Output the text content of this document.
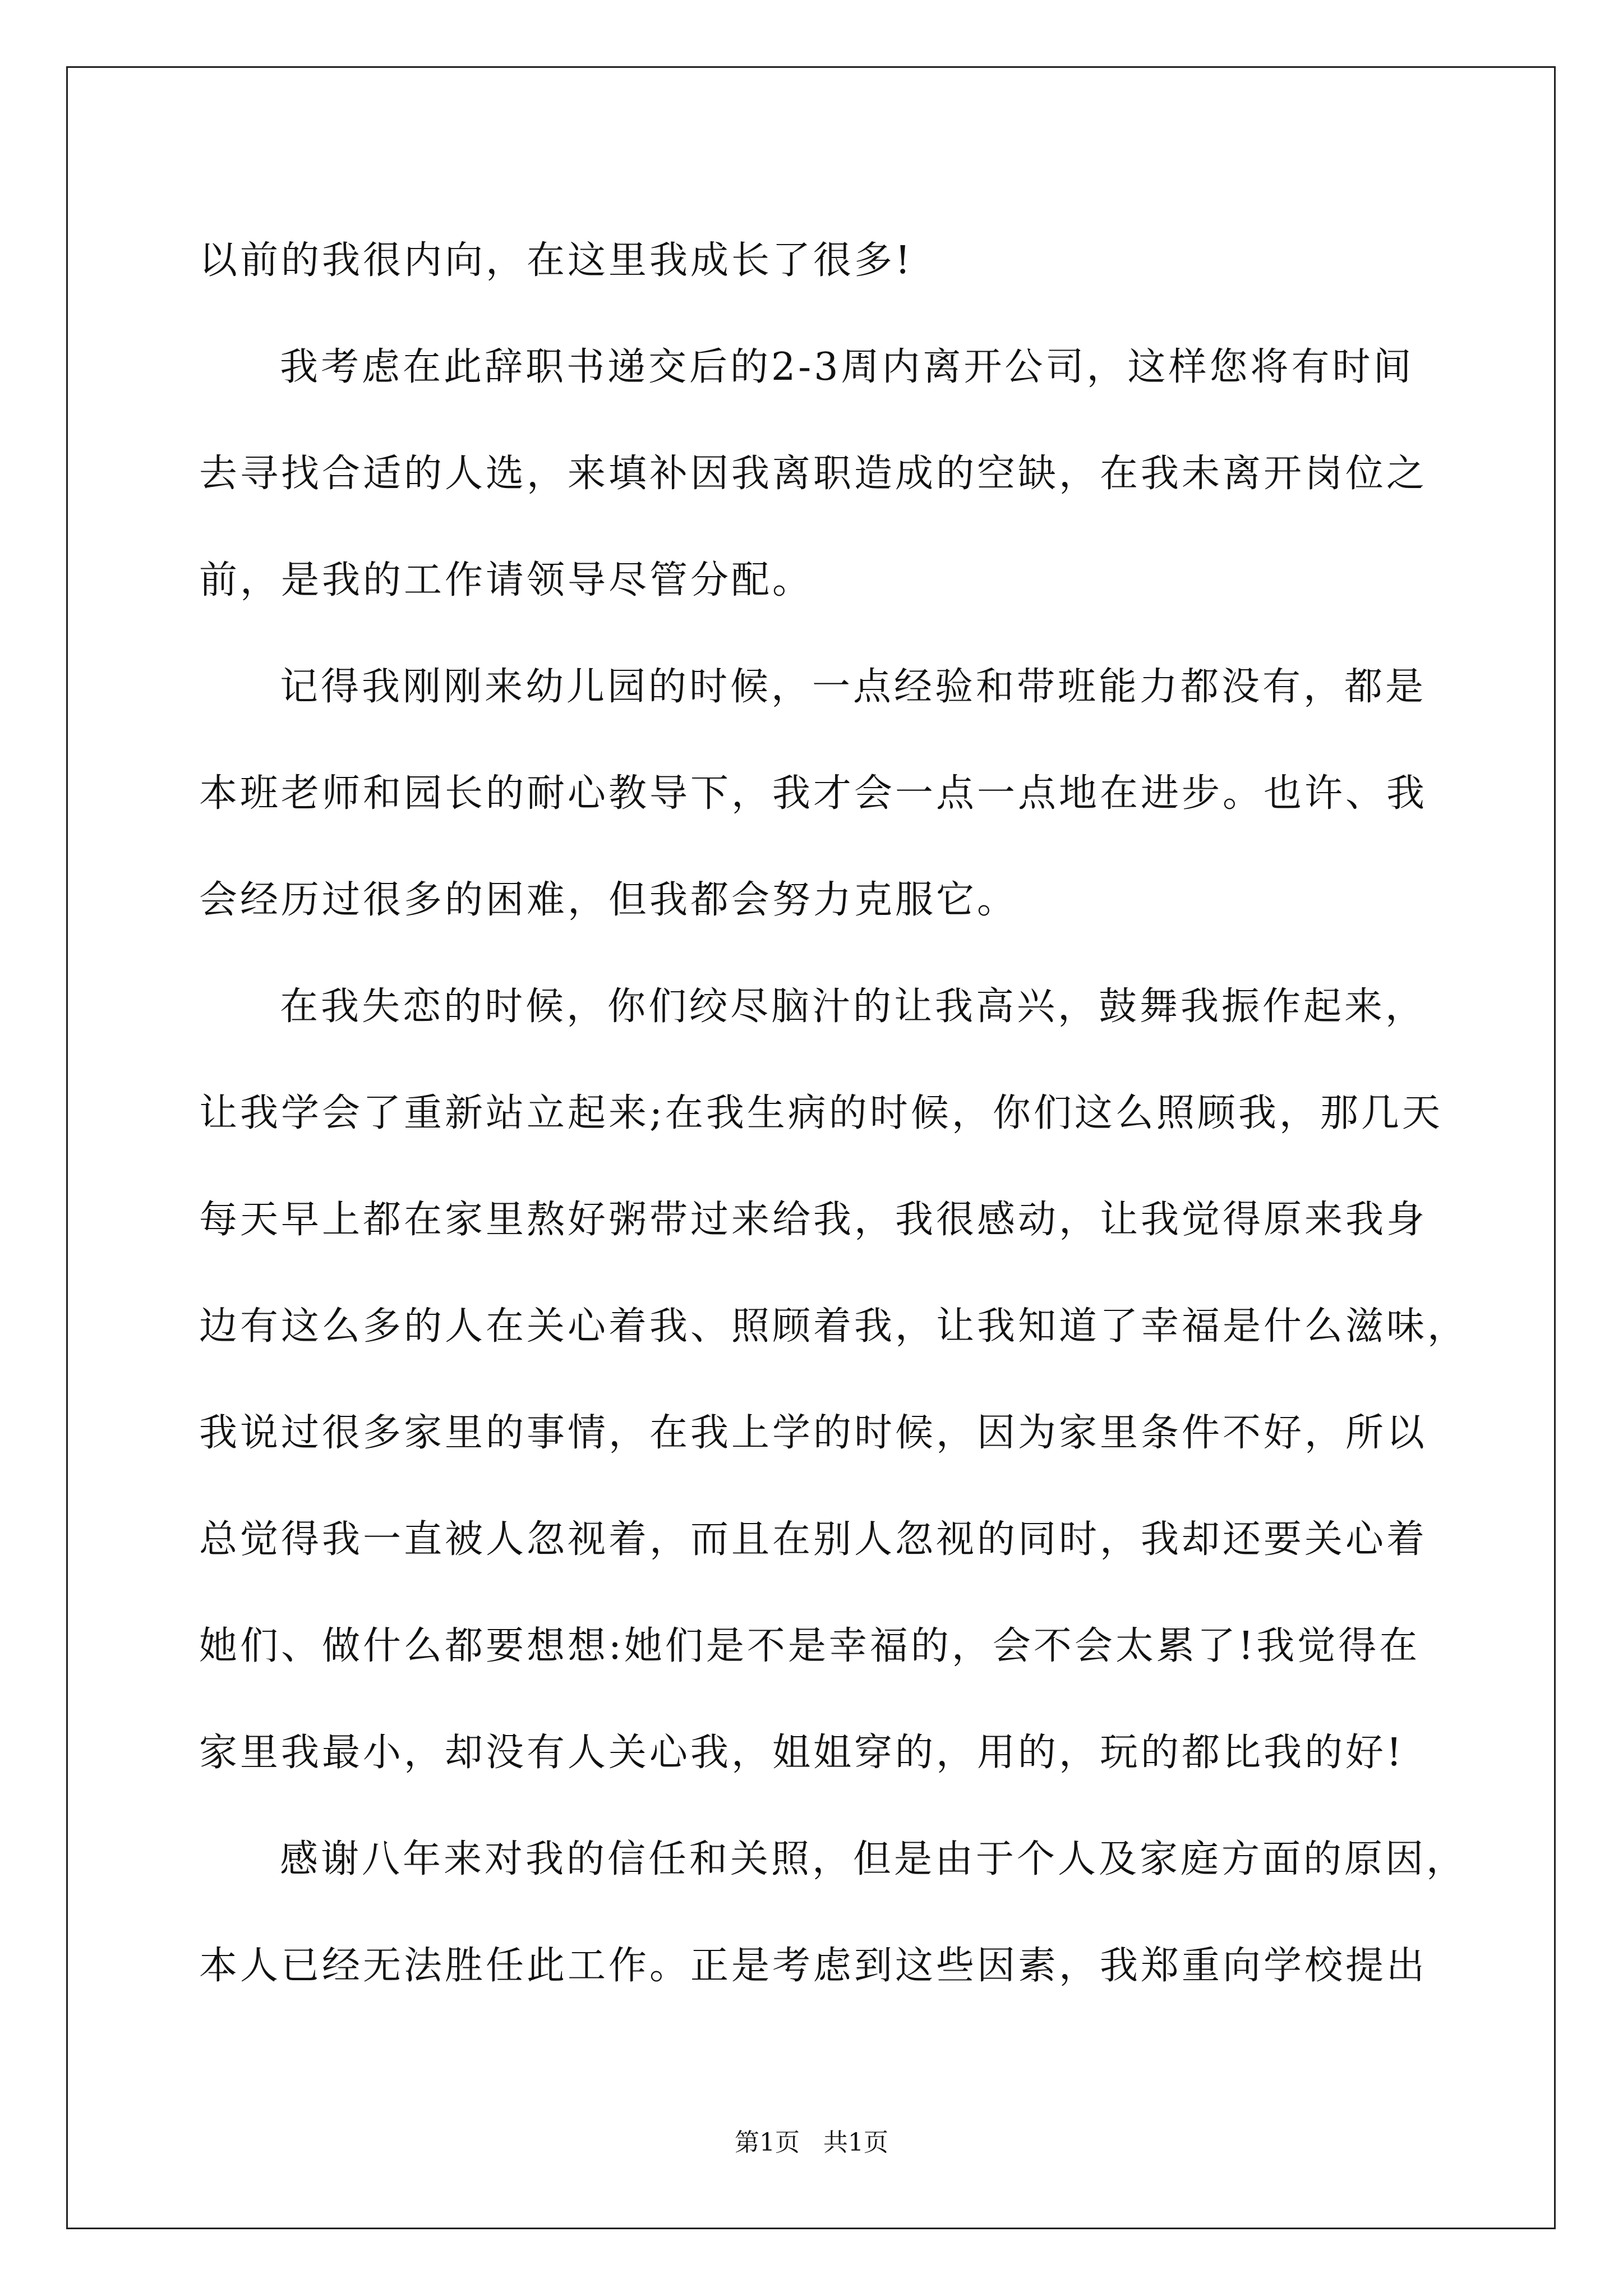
以前的我很内向，在这里我成长了很多!
我考虑在此辞职书递交后的2-3周内离开公司，这样您将有时间
去寻找合适的人选，来填补因我离职造成的空缺，在我未离开岗位之
前，是我的工作请领导尽管分配。
记得我刚刚来幼儿园的时候，一点经验和带班能力都没有，都是
本班老师和园长的耐心教导下，我才会一点一点地在进步。也许、我
会经历过很多的困难，但我都会努力克服它。
在我失恋的时候，你们绞尽脑汁的让我高兴，鼓舞我振作起来，
让我学会了重新站立起来;在我生病的时候，你们这么照顾我，那几天
每天早上都在家里熬好粥带过来给我，我很感动，让我觉得原来我身
边有这么多的人在关心着我、照顾着我，让我知道了幸福是什么滋味，
我说过很多家里的事情，在我上学的时候，因为家里条件不好，所以
总觉得我一直被人忽视着，而且在别人忽视的同时，我却还要关心着
她们、做什么都要想想:她们是不是幸福的，会不会太累了!我觉得在
家里我最小，却没有人关心我，姐姐穿的，用的，玩的都比我的好!
感谢八年来对我的信任和关照，但是由于个人及家庭方面的原因，
本人已经无法胜任此工作。正是考虑到这些因素，我郑重向学校提出
第1页   共1页
